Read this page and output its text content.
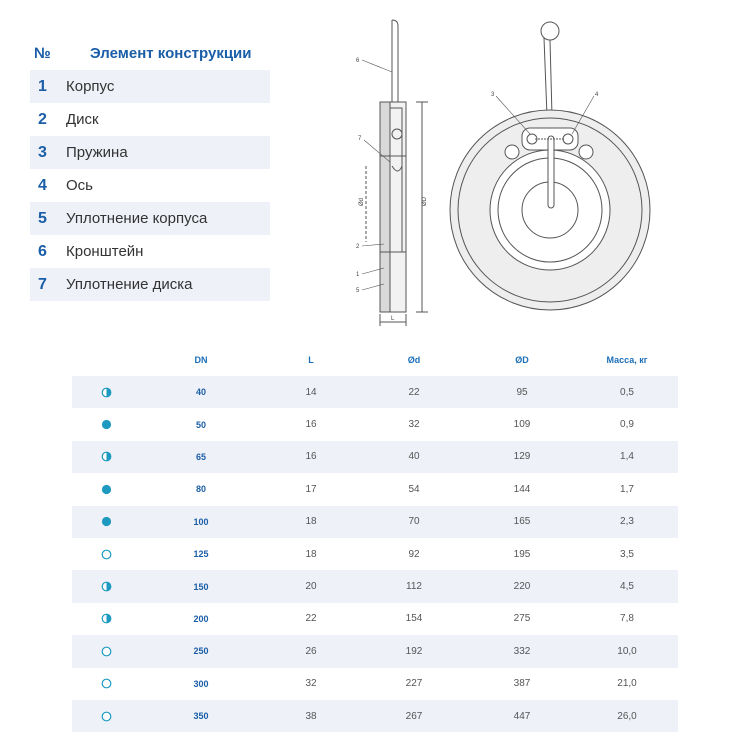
№	Элемент конструкции
1	Корпус
2	Диск
3	Пружина
4	Ось
5	Уплотнение корпуса
6	Кронштейн
7	Уплотнение диска
6
7
2
1
5
Ød	ØD
L
3	4
DN	L	Ød	ØD	Масса, кг
40	14	22	95	0,5
50	16	32	109	0,9
65	16	40	129	1,4
80	17	54	144	1,7
100	18	70	165	2,3
125	18	92	195	3,5
150	20	112	220	4,5
200	22	154	275	7,8
250	26	192	332	10,0
300	32	227	387	21,0
350	38	267	447	26,0
